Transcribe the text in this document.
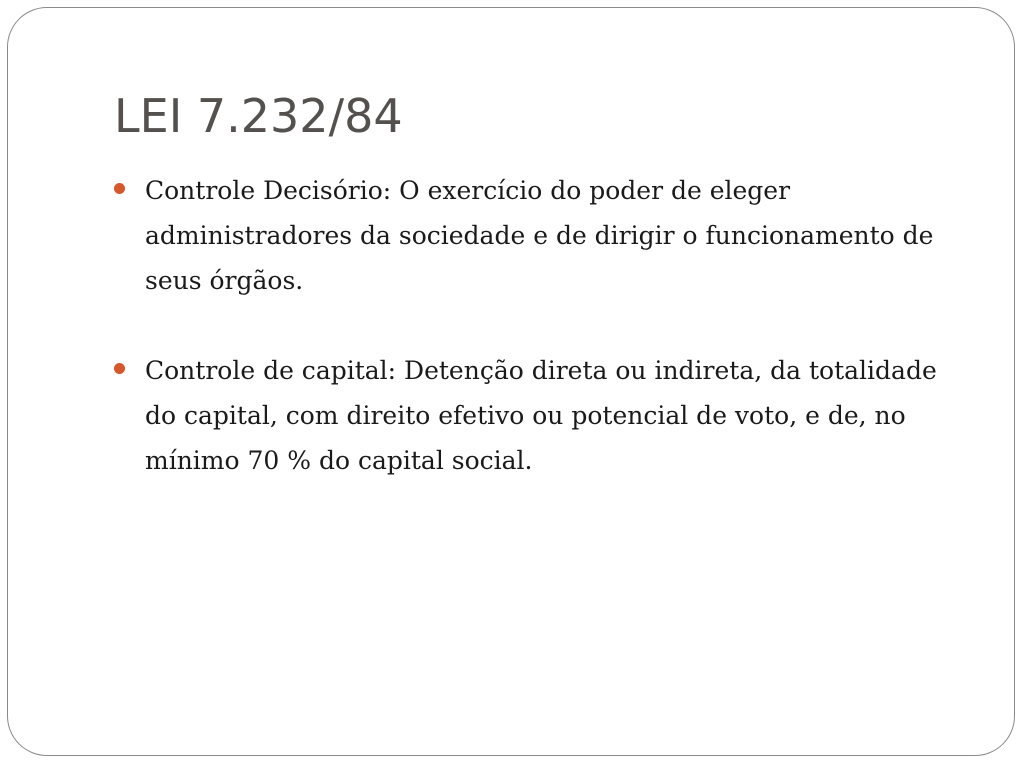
LEI 7.232/84
Controle Decisório: O exercício do poder de eleger administradores da sociedade e de dirigir o funcionamento de seus órgãos.
Controle de capital: Detenção direta ou indireta, da totalidade do capital, com direito efetivo ou potencial de voto, e de, no mínimo 70 % do capital social.
